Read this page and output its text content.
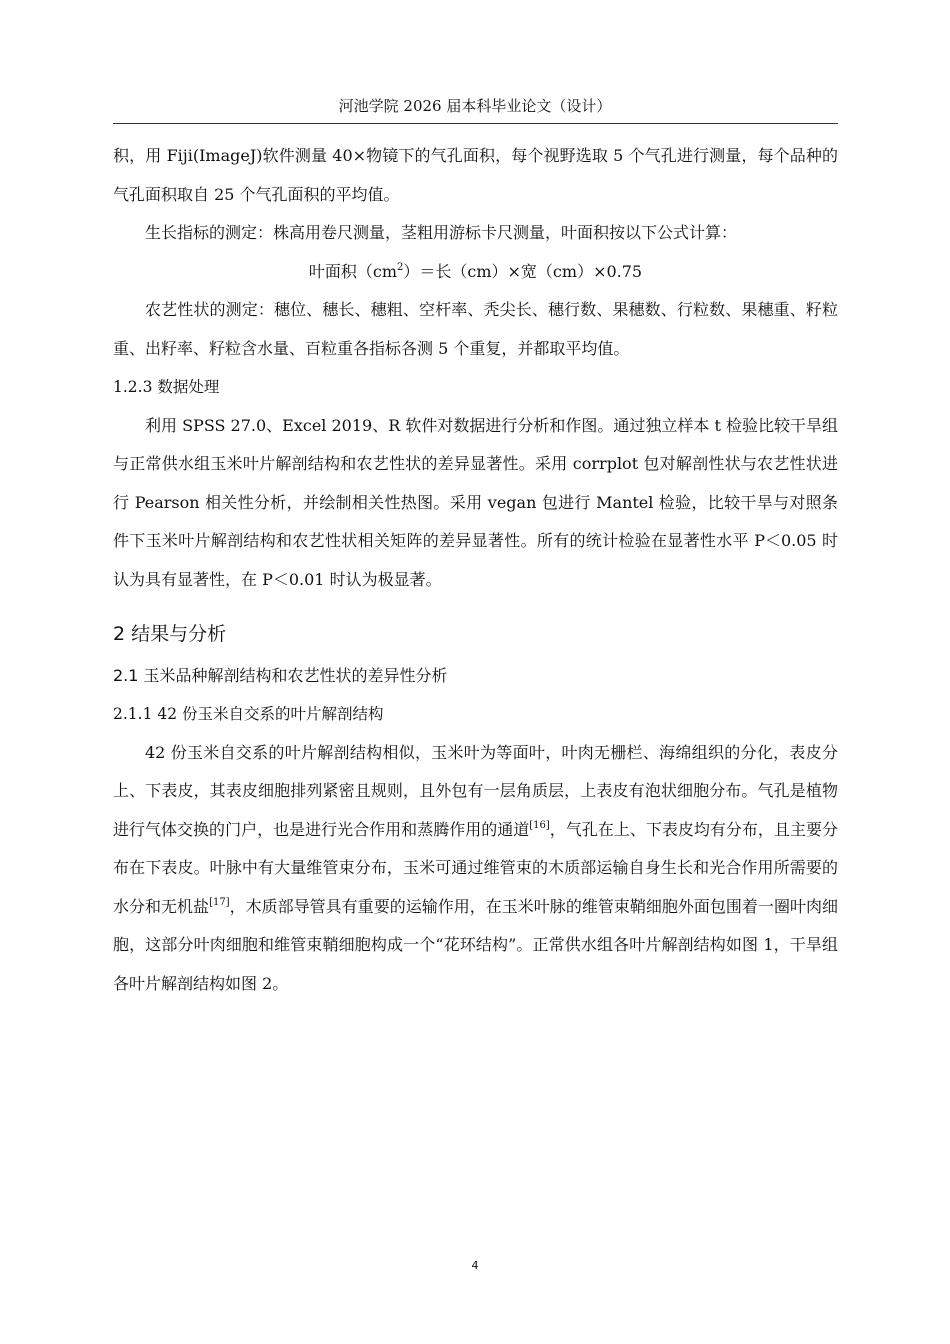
河池学院 2026 届本科毕业论文（设计）

积，用 Fiji(ImageJ)软件测量 40×物镜下的气孔面积，每个视野选取 5 个气孔进行测量，每个品种的气孔面积取自 25 个气孔面积的平均值。

生长指标的测定：株高用卷尺测量，茎粗用游标卡尺测量，叶面积按以下公式计算：

叶面积$(cm^2)=$长（cm）×宽（cm）×0.75

农艺性状的测定：穗位、穗长、穗粗、空杆率、秃尖长、穗行数、果穗数、行粒数、果穗重、籽粒重、出籽率、籽粒含水量、百粒重各指标各测 5 个重复，并都取平均值。

1.2.3 数据处理

利用 SPSS 27.0、Excel 2019、R 软件对数据进行分析和作图。通过独立样本 t 检验比较干旱组与正常供水组玉米叶片解剖结构和农艺性状的差异显著性。采用 corrplot 包对解剖性状与农艺性状进行 Pearson 相关性分析，并绘制相关性热图。采用 vegan 包进行 Mantel 检验，比较干旱与对照条件下玉米叶片解剖结构和农艺性状相关矩阵的差异显著性。所有的统计检验在显著性水平 P＜0.05 时认为具有显著性，在 P＜0.01 时认为极显著。

2 结果与分析
2.1 玉米品种解剖结构和农艺性状的差异性分析

2.1.1 42 份玉米自交系的叶片解剖结构

42 份玉米自交系的叶片解剖结构相似，玉米叶为等面叶，叶肉无栅栏、海绵组织的分化，表皮分上、下表皮，其表皮细胞排列紧密且规则，且外包有一层角质层，上表皮有泡状细胞分布。气孔是植物进行气体交换的门户，也是进行光合作用和蒸腾作用的通道[16]，气孔在上、下表皮均有分布，且主要分布在下表皮。叶脉中有大量维管束分布，玉米可通过维管束的木质部运输自身生长和光合作用所需要的水分和无机盐[17]，木质部导管具有重要的运输作用，在玉米叶脉的维管束鞘细胞外面包围着一圈叶肉细胞，这部分叶肉细胞和维管束鞘细胞构成一个“花环结构”。正常供水组各叶片解剖结构如图 1，干旱组各叶片解剖结构如图 2。

4
